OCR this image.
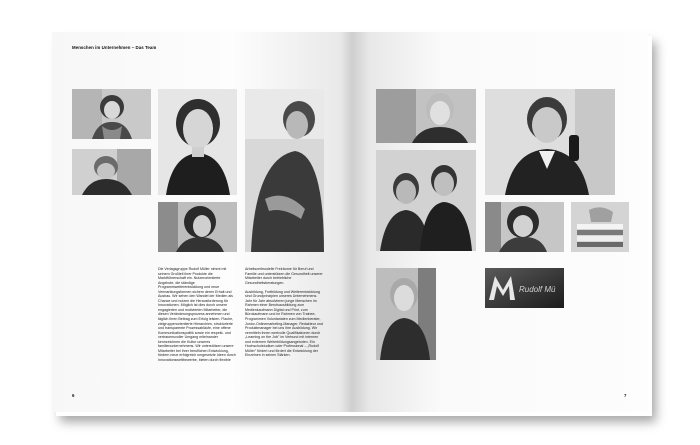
Menschen im Unternehmen – Das Team

Die Verlagsgruppe Rudolf Müller nimmt mit seinem Großteil ihrer Produkte die Marktführerschaft ein. Nutzerorientierte Angebote, die ständige Programmweiterentwicklung und neue Vermarktungsformen sichern deren Erhalt und Ausbau. Wir sehen den Wandel der Medien als Chance und nutzen die Herausforderung für Innovationen. Möglich ist dies durch unsere engagierten und motivierten Mitarbeiter, die diesen Veränderungsprozess annehmen und täglich ihren Beitrag zum Erfolg leisten. Flache, zielgruppenorientierte Hierarchien, strukturierte und transparente Prozessabläufe, eine offene Kommunikationspolitik sowie ein respekt- und vertrauensvoller Umgang miteinander kennzeichnen die Kultur unseres familienunternehmens. Wir unterstützen unsere Mitarbeiter bei ihrer beruflichen Entwicklung, fördern neue erfolgreich umgesetzte Ideen durch Innovationswettbewerbe, bieten durch flexible

Arbeitszeitmodelle Freiräume für Beruf und Familie und unterstützen die Gesundheit unserer Mitarbeiter durch betriebliche Gesundheitsberatungen.

Ausbildung, Fortbildung und Weiterentwicklung sind Grundprinzipien unseres Unternehmens. Jahr für Jahr absolvieren junge Menschen im Rahmen einer Berufsausbildung zum Medienkaufmann Digital und Print, zum Bürokaufmann und im Rahmen von Trainee-Programmen Volontariaten zum Medienberater, Junior-Onlinemarketing-Manager, Redakteur und Produktmanager bei uns ihre Ausbildung. Wir vermitteln ihnen wertvolle Qualifikationen durch „Learning on the Job" im Verbund mit internen und externen Weiterbildungsangeboten. Ein Hochschulstudium oder Professional – „Rudolf Müller" fördert und fördert die Entwicklung der Einzelnen in seinen Stärken.

6
Rudolf Mü
7
